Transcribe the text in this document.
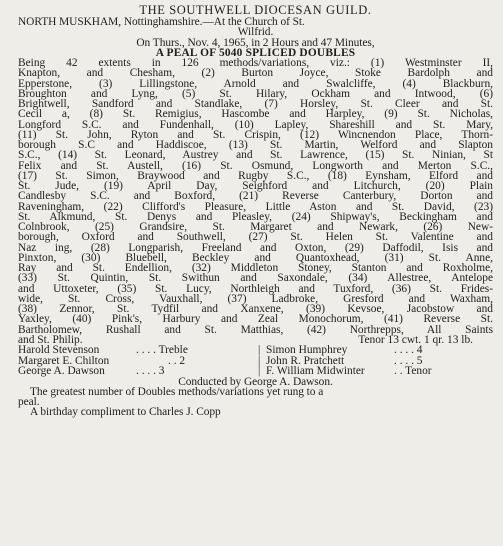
THE SOUTHWELL DIOCESAN GUILD.
NORTH MUSKHAM, Nottinghamshire.—At the Church of St.
Wilfrid.
On Thurs., Nov. 4, 1965, in 2 Hours and 47 Minutes,
A PEAL OF 5040 SPLICED DOUBLES
Being 42 extents in 126 methods/variations, viz.: (1) Westminster II,
Knapton, and Chesham, (2) Burton Joyce, Stoke Bardolph and
Epperstone, (3) Lillingstone, Arnold and Swalcliffe, (4) Blackburn,
Broughton and Lyng, (5) St. Hilary, Ockham and Intwood, (6)
Brightwell, Sandford and Standlake, (7) Horsley, St. Cleer and St.
Cecil a, (8) St. Remigius, Hascombe and Harpley, (9) St. Nicholas,
Longford S.C. and Fundenhall, (10) Lapley, Shareshill and St. Mary,
(11) St. John, Ryton and St. Crispin, (12) Wincnendon Place, Thorn-
borough S.C and Haddiscoe, (13) St. Martin, Welford and Slapton
S.C., (14) St. Leonard, Austrey and St. Lawrence, (15) St. Ninian, St
Felix and St. Austell, (16) St. Osmund, Longworth and Merton S.C.,
(17) St. Simon, Braywood and Rugby S.C., (18) Eynsham, Elford and
St. Jude, (19) April Day, Seighford and Litchurch, (20) Plain
Candlesby S.C. and Boxford, (21) Reverse Canterbury, Dorton and
Raveningham, (22) Clifford's Pleasure, Little Aston and St. David, (23)
St. Alkmund, St. Denys and Pleasley, (24) Shipway's, Beckingham and
Colnbrook, (25) Grandsire, St. Margaret and Newark, (26) New-
borough, Oxford and Southwell, (27) St. Helen St. Valentine and
Naz ing, (28) Longparish, Freeland and Oxton, (29) Daffodil, Isis and
Pinxton, (30) Bluebell, Beckley and Quantoxhead, (31) St. Anne,
Ray and St. Endellion, (32) Middleton Stoney, Stanton and Roxholme,
(33) St. Quintin, St. Swithun and Saxondale, (34) Allestree, Antelope
and Uttoxeter, (35) St. Lucy, Northleigh and Tuxford, (36) St. Frides-
wide, St. Cross, Vauxhall, (37) Ladbroke, Gresford and Waxham,
(38) Zennor, St. Tydfil and Xanxene, (39) Kevsoe, Jacobstow and
Yaxley, (40) Pink's, Harbury and Zeal Monochorum, (41) Reverse St.
Bartholomew, Rushall and St. Matthias, (42) Northrepps, All Saints
and St. Philip.	Tenor 13 cwt. 1 qr. 13 lb.
Harold Stevenson	. . . . Treble	| Simon Humphrey	. . . . 4
Margaret E. Chilton	. . 2	| John R. Pratchett	. . . . 5
George A. Dawson	. . . . 3	| F. William Midwinter	. . Tenor
Conducted by George A. Dawson.
The greatest number of Doubles methods/variations yet rung to a
peal.
A birthday compliment to Charles J. Copp
